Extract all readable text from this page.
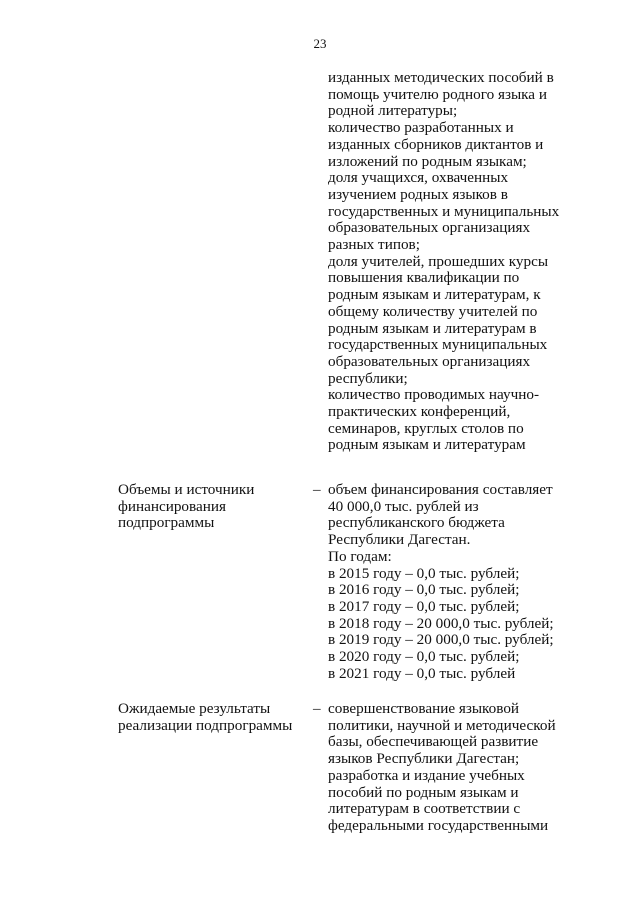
23
изданных методических пособий в
помощь учителю родного языка и
родной литературы;
количество разработанных и
изданных сборников диктантов и
изложений по родным языкам;
доля учащихся, охваченных
изучением родных языков в
государственных и муниципальных
образовательных организациях
разных типов;
доля учителей, прошедших курсы
повышения квалификации по
родным языкам и литературам, к
общему количеству учителей по
родным языкам и литературам в
государственных муниципальных
образовательных организациях
республики;
количество проводимых научно-
практических конференций,
семинаров, круглых столов по
родным языкам и литературам
Объемы и источники
финансирования
подпрограммы
– объем финансирования составляет
40 000,0 тыс. рублей из
республиканского бюджета
Республики Дагестан.
По годам:
в 2015 году – 0,0 тыс. рублей;
в 2016 году – 0,0 тыс. рублей;
в 2017 году – 0,0 тыс. рублей;
в 2018 году – 20 000,0 тыс. рублей;
в 2019 году – 20 000,0 тыс. рублей;
в 2020 году – 0,0 тыс. рублей;
в 2021 году – 0,0 тыс. рублей
Ожидаемые результаты
реализации подпрограммы
– совершенствование языковой
политики, научной и методической
базы, обеспечивающей развитие
языков Республики Дагестан;
разработка и издание учебных
пособий по родным языкам и
литературам в соответствии с
федеральными государственными
